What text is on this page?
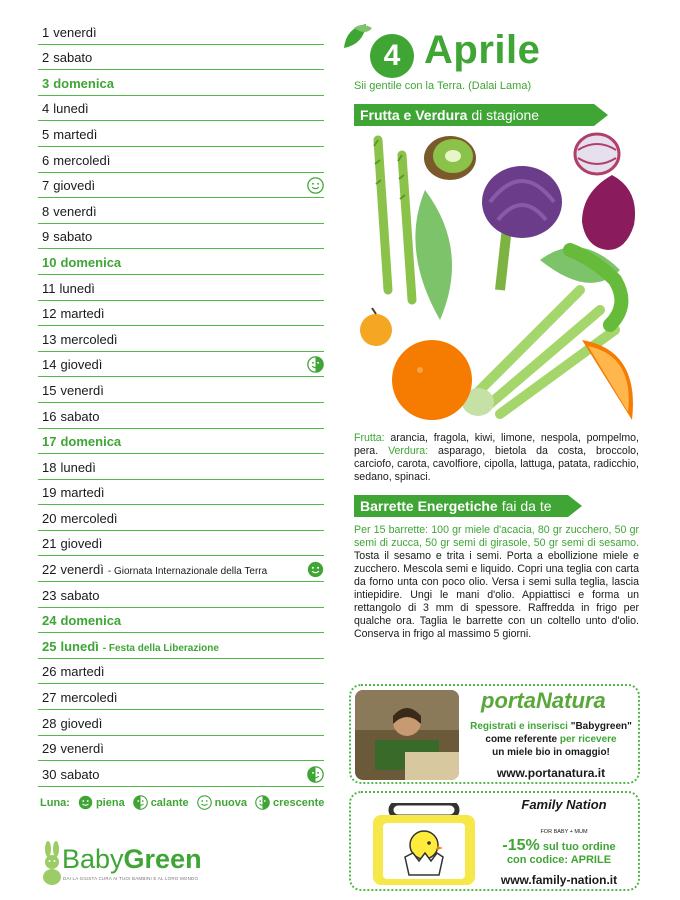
1 venerdì
2 sabato
3 domenica
4 lunedì
5 martedì
6 mercoledì
7 giovedì
8 venerdì
9 sabato
10 domenica
11 lunedì
12 martedì
13 mercoledì
14 giovedì
15 venerdì
16 sabato
17 domenica
18 lunedì
19 martedì
20 mercoledì
21 giovedì
22 venerdì	- Giornata Internazionale della Terra
23 sabato
24 domenica
25 lunedì	- Festa della Liberazione
26 martedì
27 mercoledì
28 giovedì
29 venerdì
30 sabato
Luna: piena calante nuova crescente
BabyGreen
DAI LA GIUSTA CURA AI TUOI BAMBINI E AL LORO MONDO
4 Aprile
Sii gentile con la Terra. (Dalai Lama)
Frutta e Verdura di stagione
Frutta: arancia, fragola, kiwi, limone, nespola, pompelmo, pera. Verdura: asparago, bietola da costa, broccolo, carciofo, carota, cavolfiore, cipolla, lattuga, patata, radicchio, sedano, spinaci.
Barrette Energetiche fai da te
Per 15 barrette: 100 gr miele d'acacia, 80 gr zucchero, 50 gr semi di zucca, 50 gr semi di girasole, 50 gr semi di sesamo. Tosta il sesamo e trita i semi. Porta a ebollizione miele e zucchero. Mescola semi e liquido. Copri una teglia con carta da forno unta con poco olio. Versa i semi sulla teglia, lascia intiepidire. Ungi le mani d'olio. Appiattisci e forma un rettangolo di 3 mm di spessore. Raffredda in frigo per qualche ora. Taglia le barrette con un coltello unto d'olio. Conserva in frigo al massimo 5 giorni.
portaNatura
Registrati e inserisci "Babygreen"
come referente per ricevere
un miele bio in omaggio!
www.portanatura.it
Family Nation
FOR BABY + MUM
-15% sul tuo ordine
con codice: APRILE
www.family-nation.it
